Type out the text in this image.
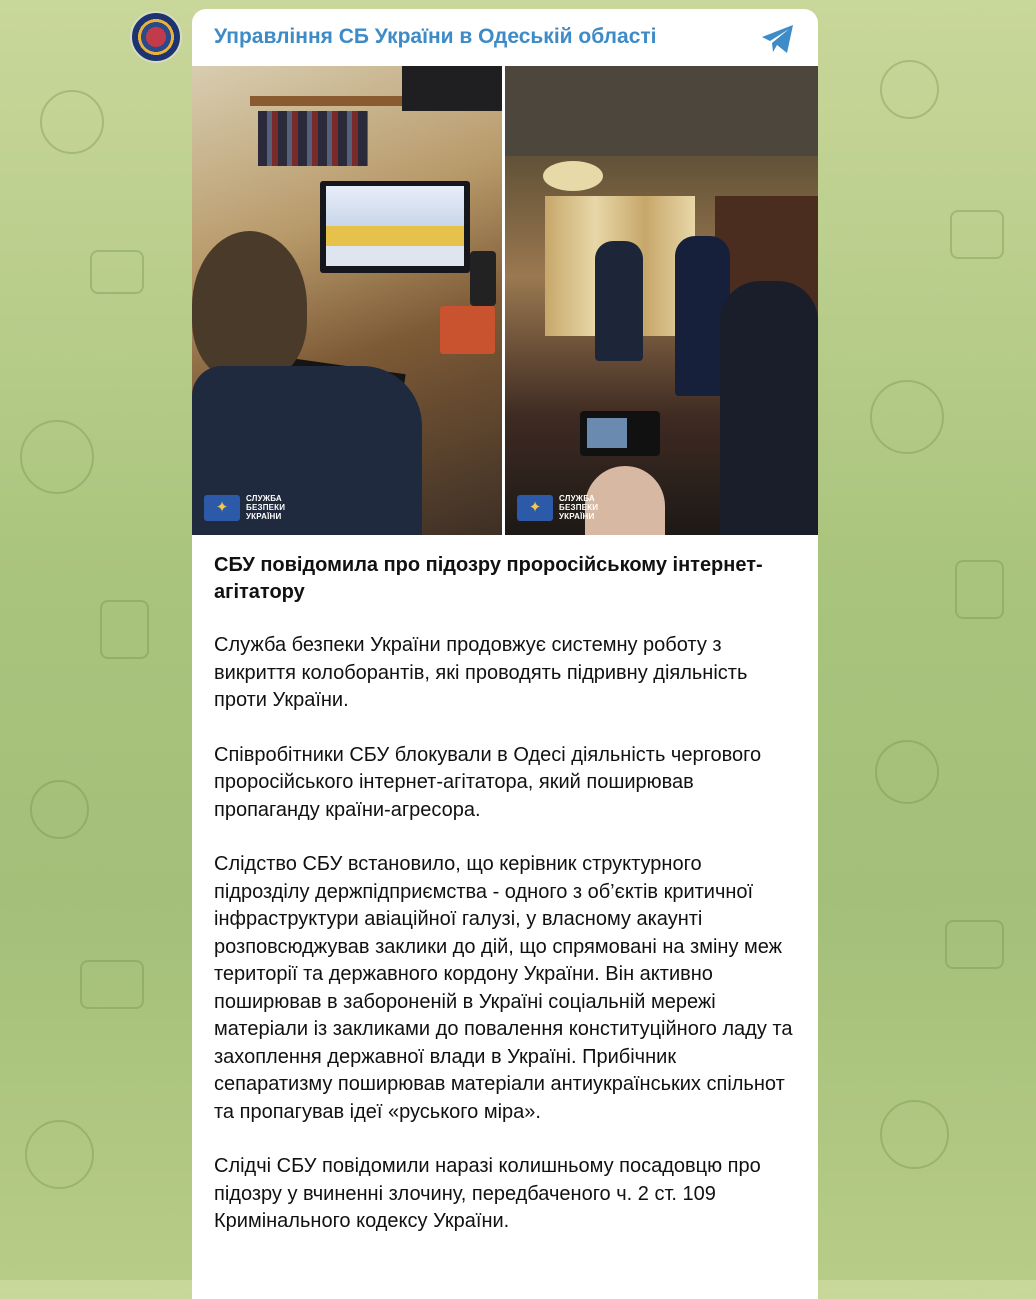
Управління СБ України в Одеській області
✦
СЛУЖБА
БЕЗПЕКИ
УКРАЇНИ
✦
СЛУЖБА
БЕЗПЕКИ
УКРАЇНИ

СБУ повідомила про підозру проросійському інтернет-агітатору

Служба безпеки України продовжує системну роботу з викриття колоборантів, які проводять підривну діяльність проти України.

Співробітники СБУ блокували в Одесі діяльність чергового проросійського інтернет-агітатора, який поширював пропаганду країни-агресора.

Слідство СБУ встановило, що керівник структурного підрозділу держпідприємства - одного з об’єктів критичної інфраструктури авіаційної галузі, у власному акаунті розповсюджував заклики до дій, що спрямовані на зміну меж території та державного кордону України. Він активно поширював в забороненій в Україні соціальній мережі матеріали із закликами до повалення конституційного ладу та захоплення державної влади в Україні. Прибічник сепаратизму поширював матеріали антиукраїнських спільнот та пропагував ідеї «руського міра».

Слідчі СБУ повідомили наразі колишньому посадовцю про підозру у вчиненні злочину, передбаченого ч. 2 ст. 109 Кримінального кодексу України.
